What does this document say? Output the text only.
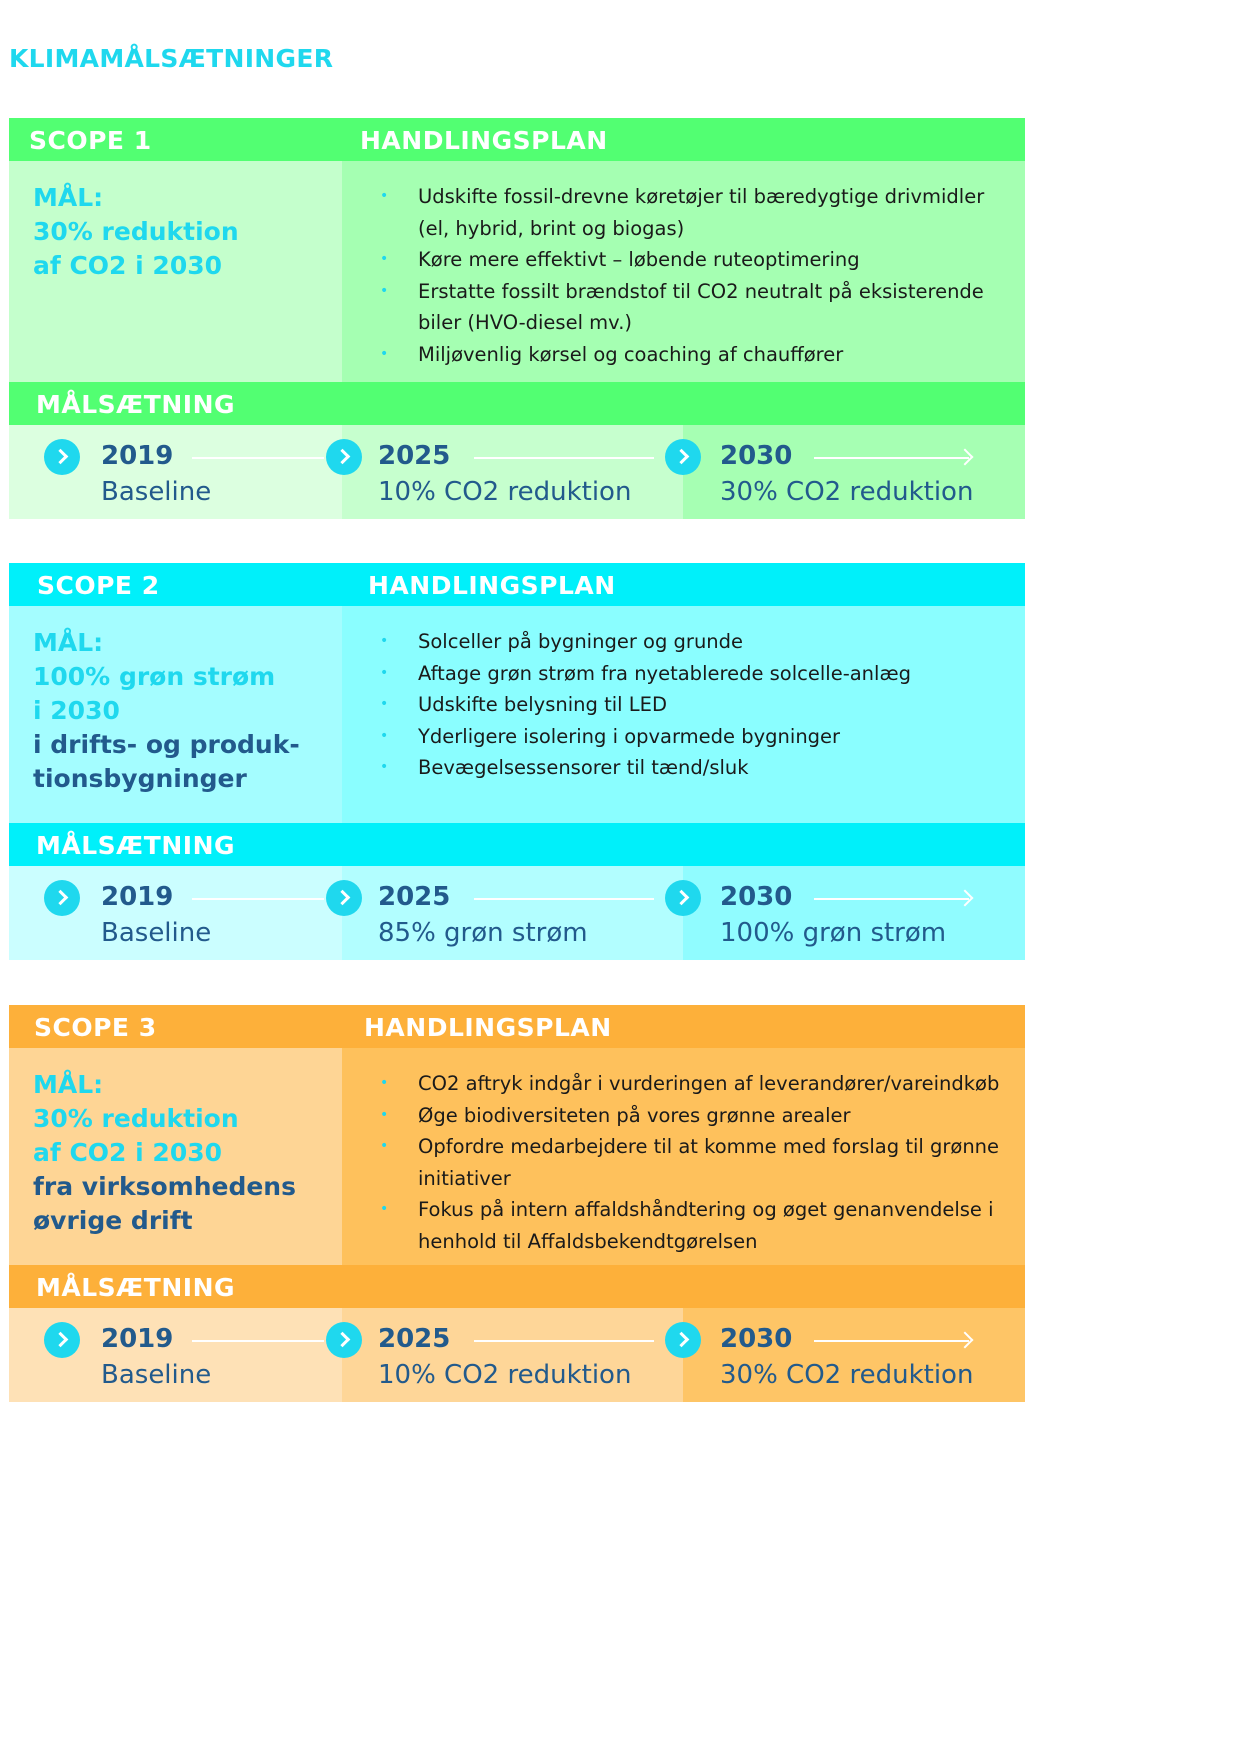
KLIMAMÅLSÆTNINGER
SCOPE 1	HANDLINGSPLAN
MÅL:
30% reduktion
af CO2 i 2030
• Udskifte fossil-drevne køretøjer til bæredygtige drivmidler (el, hybrid, brint og biogas)
• Køre mere effektivt – løbende ruteoptimering
• Erstatte fossilt brændstof til CO2 neutralt på eksisterende biler (HVO-diesel mv.)
• Miljøvenlig kørsel og coaching af chauffører
MÅLSÆTNING
2019
Baseline
2025
10% CO2 reduktion
2030
30% CO2 reduktion
SCOPE 2	HANDLINGSPLAN
MÅL:
100% grøn strøm
i 2030
i drifts- og produk-
tionsbygninger
• Solceller på bygninger og grunde
• Aftage grøn strøm fra nyetablerede solcelle-anlæg
• Udskifte belysning til LED
• Yderligere isolering i opvarmede bygninger
• Bevægelsessensorer til tænd/sluk
MÅLSÆTNING
2019
Baseline
2025
85% grøn strøm
2030
100% grøn strøm
SCOPE 3	HANDLINGSPLAN
MÅL:
30% reduktion
af CO2 i 2030
fra virksomhedens
øvrige drift
• CO2 aftryk indgår i vurderingen af leverandører/vareindkøb
• Øge biodiversiteten på vores grønne arealer
• Opfordre medarbejdere til at komme med forslag til grønne initiativer
• Fokus på intern affaldshåndtering og øget genanvendelse i henhold til Affaldsbekendtgørelsen
MÅLSÆTNING
2019
Baseline
2025
10% CO2 reduktion
2030
30% CO2 reduktion
